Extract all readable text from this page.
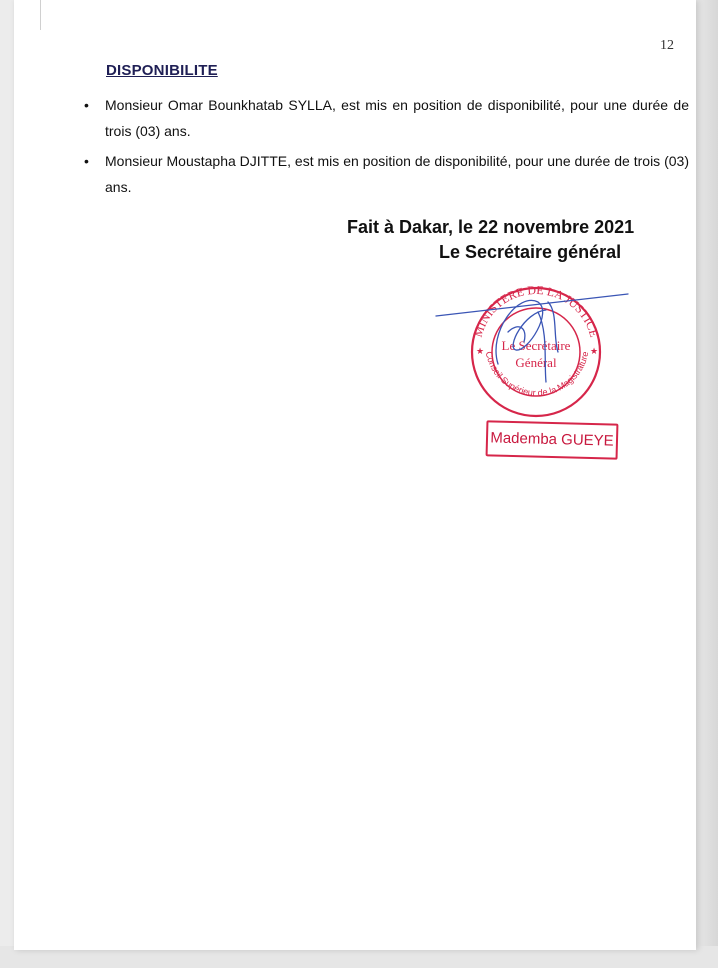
12
DISPONIBILITE
• Monsieur Omar Bounkhatab SYLLA, est mis en position de disponibilité, pour une durée de trois (03) ans.
• Monsieur Moustapha DJITTE, est mis en position de disponibilité, pour une durée de trois (03) ans.
Fait à Dakar, le 22 novembre 2021
Le Secrétaire général
MINISTERE DE LA JUSTICE
Conseil Supérieur de la Magistrature
Le Secrétaire
Général
★	★
Mademba GUEYE
